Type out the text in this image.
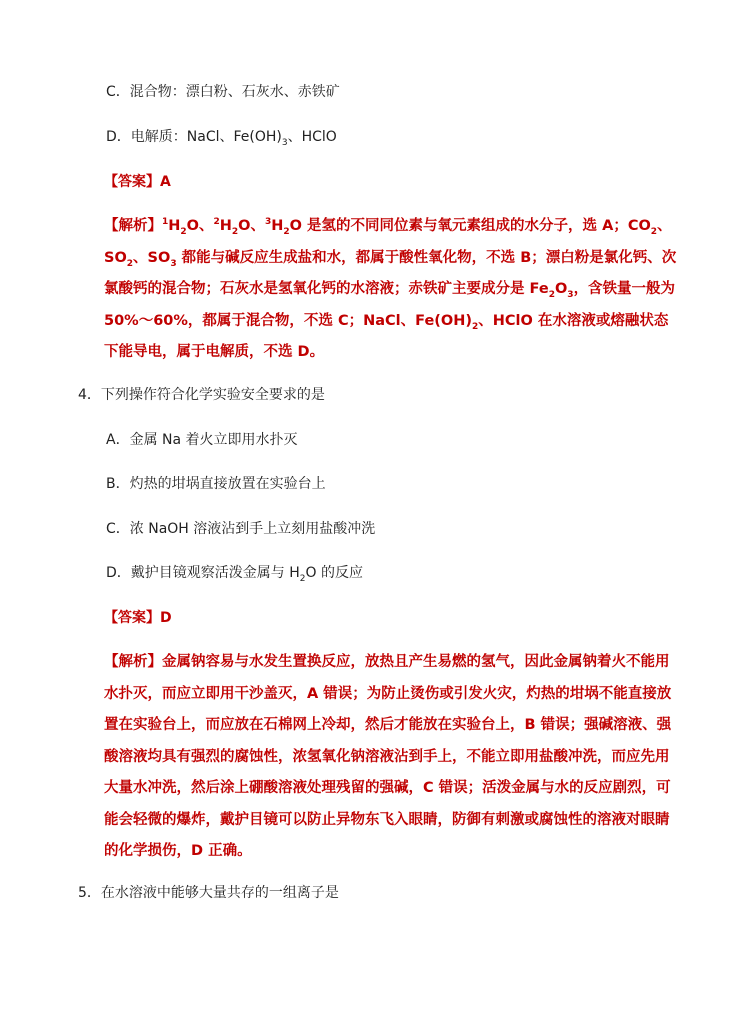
C．混合物：漂白粉、石灰水、赤铁矿
D．电解质：NaCl、$Fe(OH)_3$、HClO
【答案】A
【解析】$^1H_2O$、$^2H_2O$、$^3H_2O$ 是氢的不同同位素与氧元素组成的水分子，选 A；$CO_2$、$SO_2$、$SO_3$ 都能与碱反应生成盐和水，都属于酸性氧化物，不选 B；漂白粉是氯化钙、次氯酸钙的混合物；石灰水是氢氧化钙的水溶液；赤铁矿主要成分是 $Fe_2O_3$，含铁量一般为 50%～60%，都属于混合物，不选 C；NaCl、$Fe(OH)_2$、HClO 在水溶液或熔融状态下能导电，属于电解质，不选 D。
4．下列操作符合化学实验安全要求的是
A．金属 Na 着火立即用水扑灭
B．灼热的坩埚直接放置在实验台上
C．浓 NaOH 溶液沾到手上立刻用盐酸冲洗
D．戴护目镜观察活泼金属与 $H_2O$ 的反应
【答案】D
【解析】金属钠容易与水发生置换反应，放热且产生易燃的氢气，因此金属钠着火不能用水扑灭，而应立即用干沙盖灭，A 错误；为防止烫伤或引发火灾，灼热的坩埚不能直接放置在实验台上，而应放在石棉网上冷却，然后才能放在实验台上，B 错误；强碱溶液、强酸溶液均具有强烈的腐蚀性，浓氢氧化钠溶液沾到手上，不能立即用盐酸冲洗，而应先用大量水冲洗，然后涂上硼酸溶液处理残留的强碱，C 错误；活泼金属与水的反应剧烈，可能会轻微的爆炸，戴护目镜可以防止异物东飞入眼睛，防御有刺激或腐蚀性的溶液对眼睛的化学损伤，D 正确。
5．在水溶液中能够大量共存的一组离子是
